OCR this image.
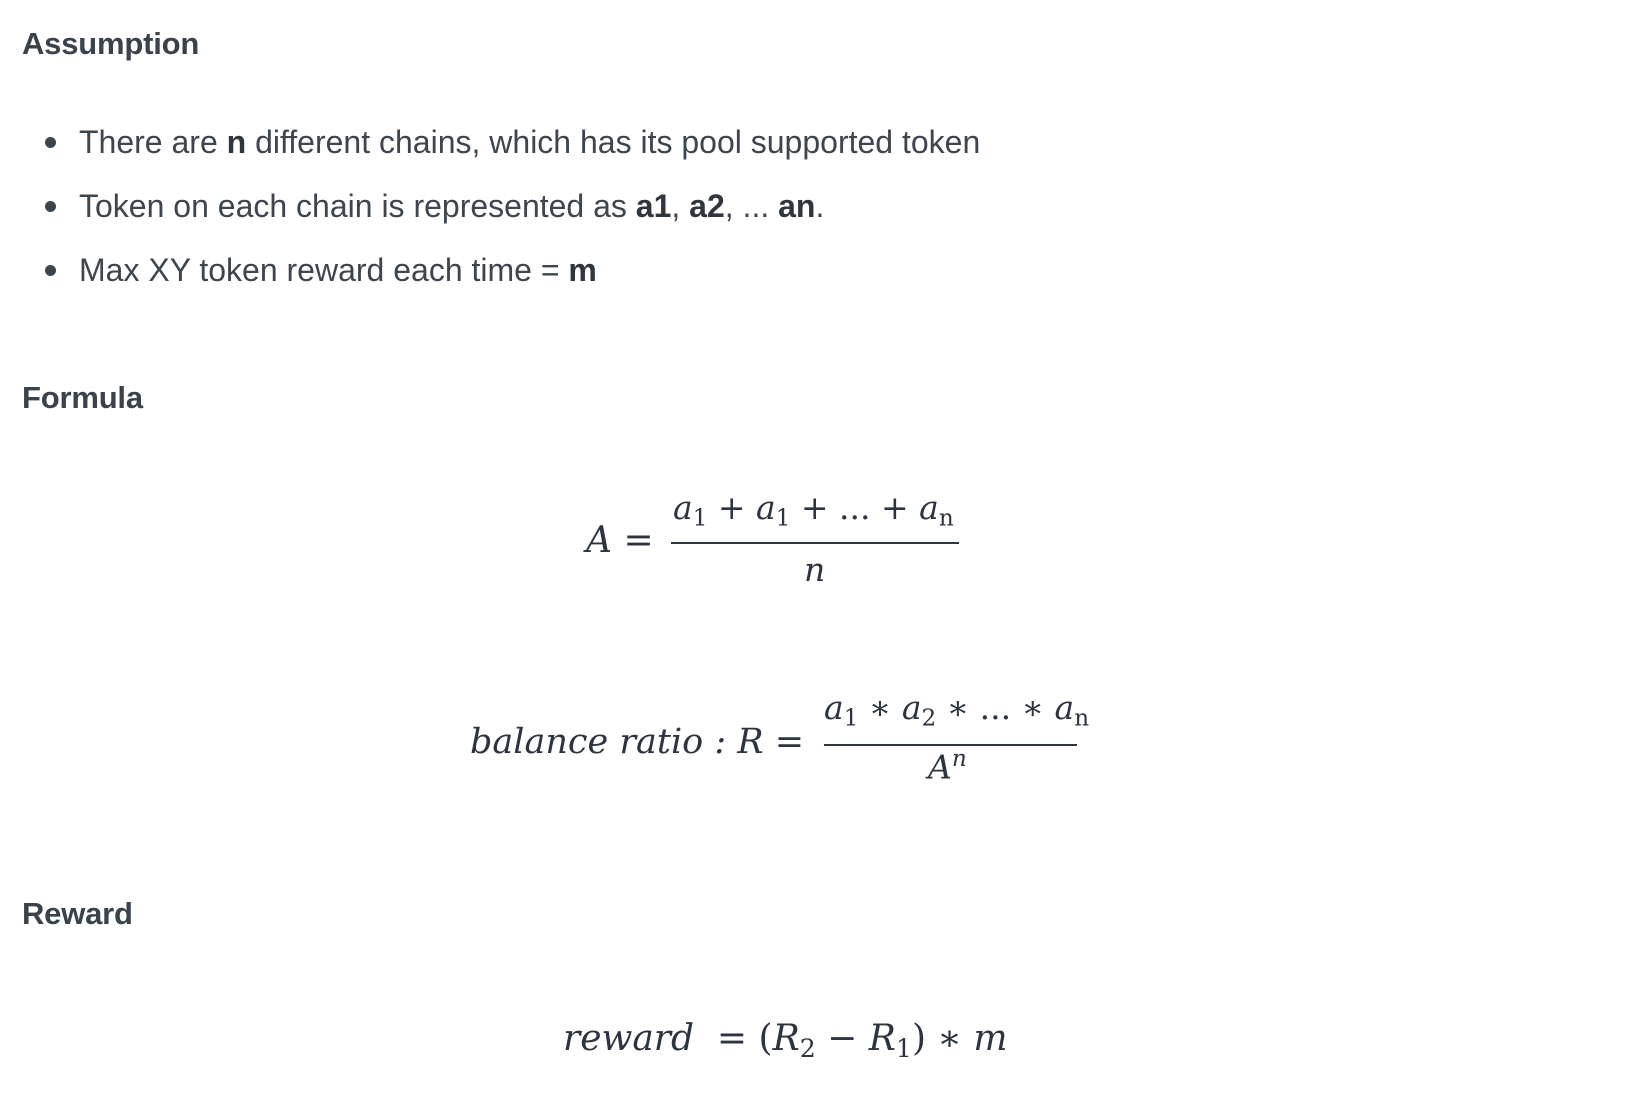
Assumption
There are n different chains, which has its pool supported token
Token on each chain is represented as a1, a2, ... an.
Max XY token reward each time = m
Formula
A =
$a_1 + a_1$ + ... + $a_n$
n
balance ratio : R =
$a_1$ ∗ $a_2$ ∗ ... ∗ $a_n$
$A^n$
Reward
reward  = $(R_2 - R_1)$ ∗ m
